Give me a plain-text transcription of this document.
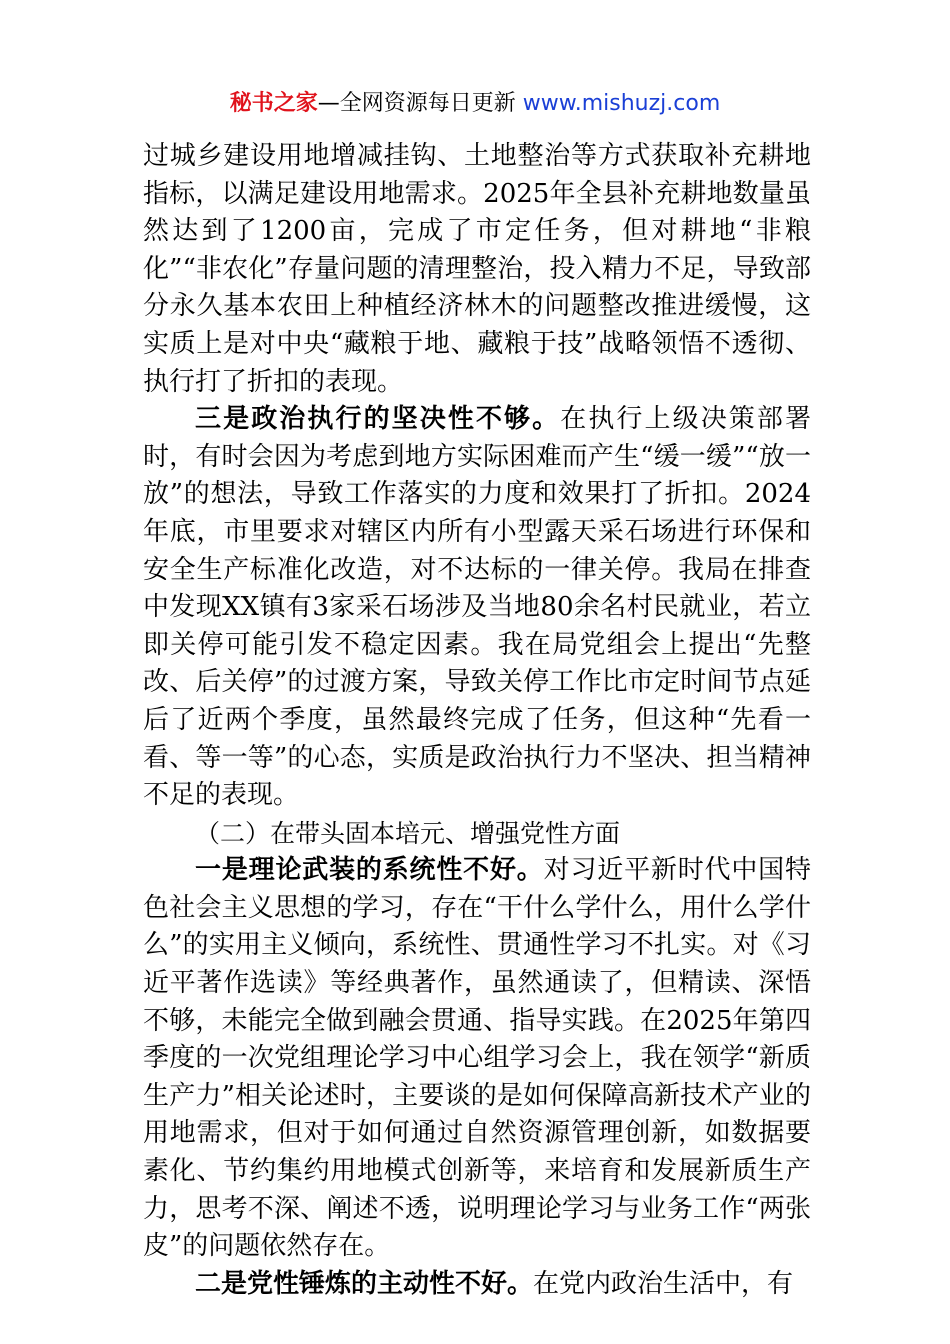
秘书之家—全网资源每日更新 www.mishuzj.com

过城乡建设用地增减挂钩、土地整治等方式获取补充耕地指标，以满足建设用地需求。2025年全县补充耕地数量虽然达到了1200亩，完成了市定任务，但对耕地“非粮化”“非农化”存量问题的清理整治，投入精力不足，导致部分永久基本农田上种植经济林木的问题整改推进缓慢，这实质上是对中央“藏粮于地、藏粮于技”战略领悟不透彻、执行打了折扣的表现。

三是政治执行的坚决性不够。在执行上级决策部署时，有时会因为考虑到地方实际困难而产生“缓一缓”“放一放”的想法，导致工作落实的力度和效果打了折扣。2024年底，市里要求对辖区内所有小型露天采石场进行环保和安全生产标准化改造，对不达标的一律关停。我局在排查中发现XX镇有3家采石场涉及当地80余名村民就业，若立即关停可能引发不稳定因素。我在局党组会上提出“先整改、后关停”的过渡方案，导致关停工作比市定时间节点延后了近两个季度，虽然最终完成了任务，但这种“先看一看、等一等”的心态，实质是政治执行力不坚决、担当精神不足的表现。

（二）在带头固本培元、增强党性方面

一是理论武装的系统性不好。对习近平新时代中国特色社会主义思想的学习，存在“干什么学什么，用什么学什么”的实用主义倾向，系统性、贯通性学习不扎实。对《习近平著作选读》等经典著作，虽然通读了，但精读、深悟不够，未能完全做到融会贯通、指导实践。在2025年第四季度的一次党组理论学习中心组学习会上，我在领学“新质生产力”相关论述时，主要谈的是如何保障高新技术产业的用地需求，但对于如何通过自然资源管理创新，如数据要素化、节约集约用地模式创新等，来培育和发展新质生产力，思考不深、阐述不透，说明理论学习与业务工作“两张皮”的问题依然存在。

二是党性锤炼的主动性不好。在党内政治生活中，有
